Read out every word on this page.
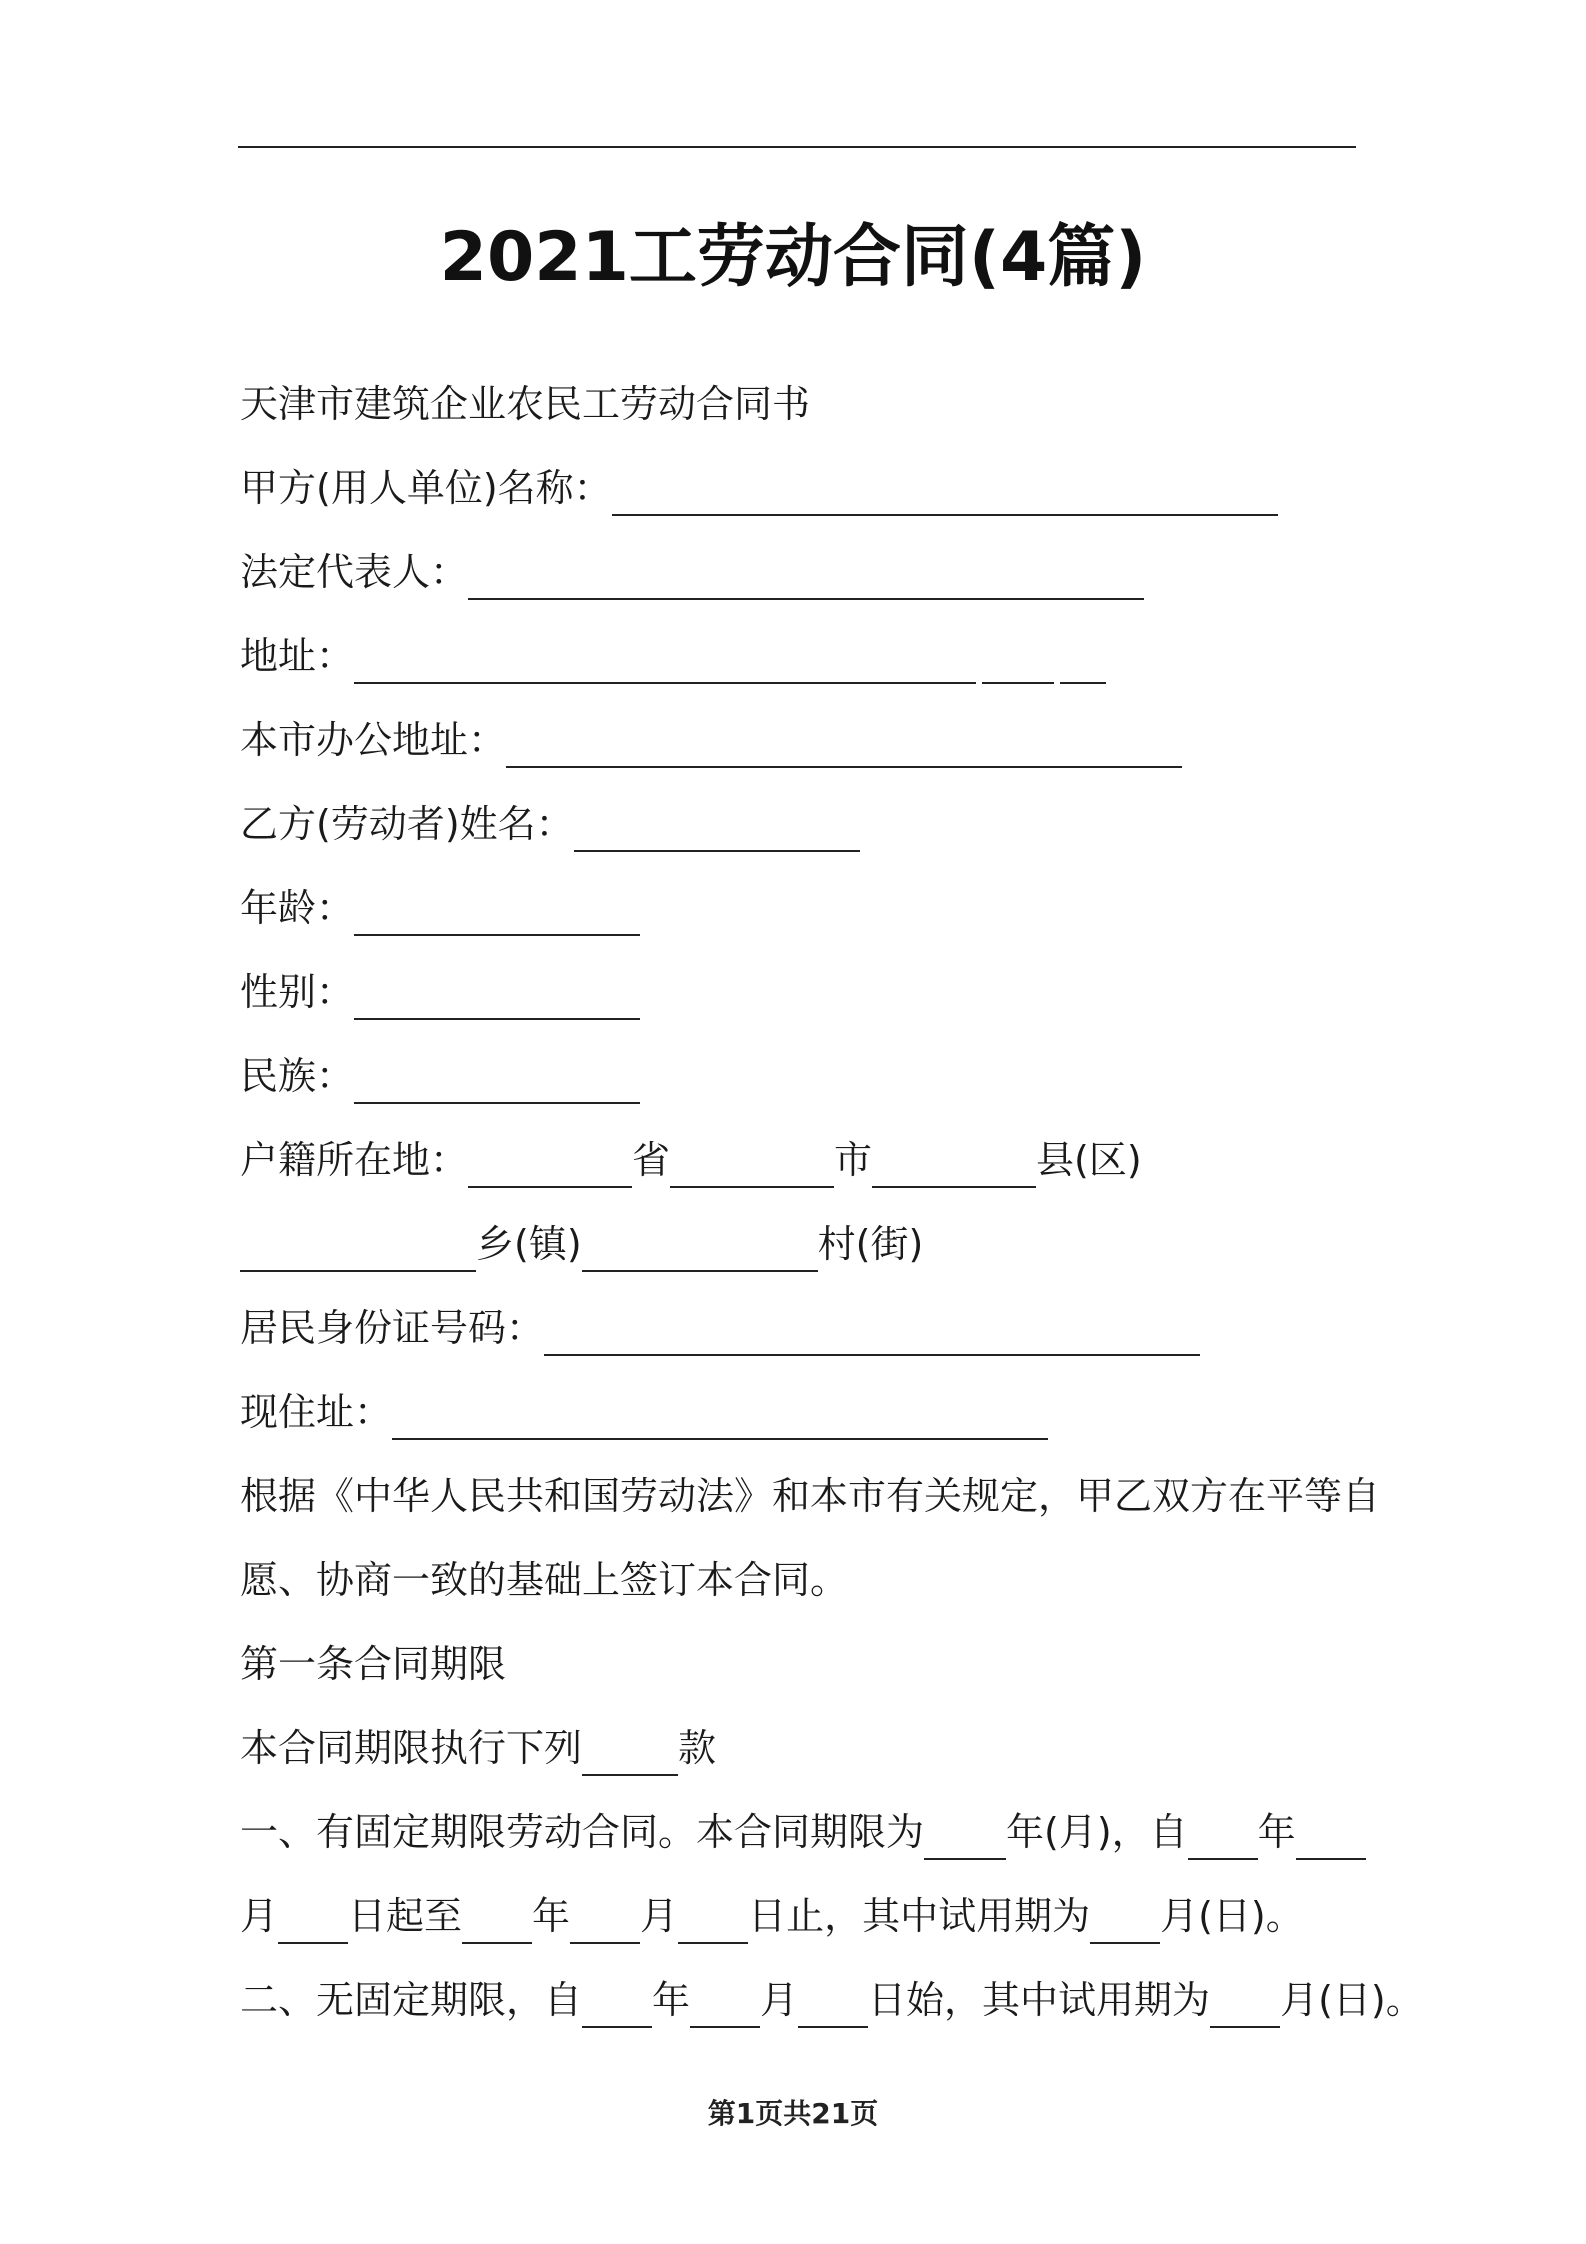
2021工劳动合同(4篇)
天津市建筑企业农民工劳动合同书
甲方(用人单位)名称：
法定代表人：
地址：
本市办公地址：
乙方(劳动者)姓名：
年龄：
性别：
民族：
户籍所在地：	省	市	县(区)
乡(镇)	村(街)
居民身份证号码：
现住址：
根据《中华人民共和国劳动法》和本市有关规定，甲乙双方在平等自
愿、协商一致的基础上签订本合同。
第一条合同期限
本合同期限执行下列	款
一、有固定期限劳动合同。本合同期限为 年(月)，自 年
月 日起至 年 月 日止，其中试用期为 月(日)。
二、无固定期限，自 年 月 日始，其中试用期为 月(日)。
第1页共21页
